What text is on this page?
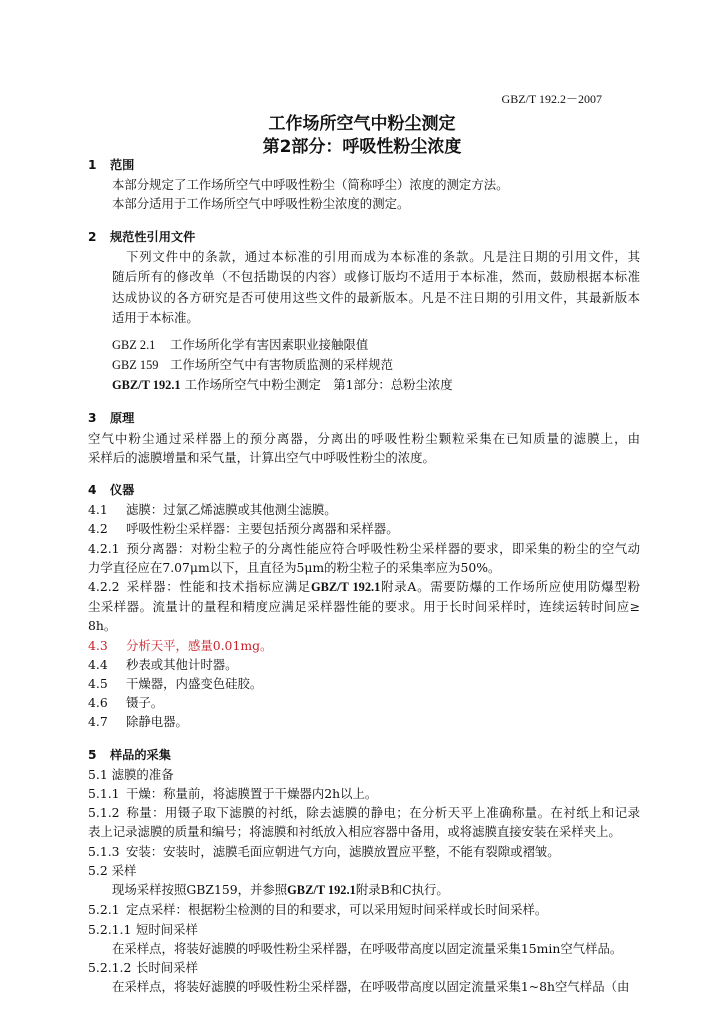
GBZ/T 192.2－2007
工作场所空气中粉尘测定
第2部分：呼吸性粉尘浓度
1 范围
本部分规定了工作场所空气中呼吸性粉尘（简称呼尘）浓度的测定方法。
本部分适用于工作场所空气中呼吸性粉尘浓度的测定。
2 规范性引用文件
下列文件中的条款，通过本标准的引用而成为本标准的条款。凡是注日期的引用文件，其
随后所有的修改单（不包括勘误的内容）或修订版均不适用于本标准，然而，鼓励根据本标准
达成协议的各方研究是否可使用这些文件的最新版本。凡是不注日期的引用文件，其最新版本
适用于本标准。
GBZ 2.1 工作场所化学有害因素职业接触限值
GBZ 159 工作场所空气中有害物质监测的采样规范
GBZ/T 192.1 工作场所空气中粉尘测定　第1部分：总粉尘浓度
3 原理
空气中粉尘通过采样器上的预分离器，分离出的呼吸性粉尘颗粒采集在已知质量的滤膜上，由
采样后的滤膜增量和采气量，计算出空气中呼吸性粉尘的浓度。
4 仪器
4.1 滤膜：过氯乙烯滤膜或其他测尘滤膜。
4.2 呼吸性粉尘采样器：主要包括预分离器和采样器。
4.2.1 预分离器：对粉尘粒子的分离性能应符合呼吸性粉尘采样器的要求，即采集的粉尘的空气动
力学直径应在7.07μm以下，且直径为5μm的粉尘粒子的采集率应为50%。
4.2.2 采样器：性能和技术指标应满足GBZ/T 192.1附录A。需要防爆的工作场所应使用防爆型粉
尘采样器。流量计的量程和精度应满足采样器性能的要求。用于长时间采样时，连续运转时间应≥
8h。
4.3 分析天平，感量0.01mg。
4.4 秒表或其他计时器。
4.5 干燥器，内盛变色硅胶。
4.6 镊子。
4.7 除静电器。
5 样品的采集
5.1 滤膜的准备
5.1.1 干燥：称量前，将滤膜置于干燥器内2h以上。
5.1.2 称量：用镊子取下滤膜的衬纸，除去滤膜的静电；在分析天平上准确称量。在衬纸上和记录
表上记录滤膜的质量和编号；将滤膜和衬纸放入相应容器中备用，或将滤膜直接安装在采样夹上。
5.1.3 安装：安装时，滤膜毛面应朝进气方向，滤膜放置应平整，不能有裂隙或褶皱。
5.2 采样
现场采样按照GBZ159，并参照GBZ/T 192.1附录B和C执行。
5.2.1 定点采样：根据粉尘检测的目的和要求，可以采用短时间采样或长时间采样。
5.2.1.1 短时间采样
在采样点，将装好滤膜的呼吸性粉尘采样器，在呼吸带高度以固定流量采集15min空气样品。
5.2.1.2 长时间采样
在采样点，将装好滤膜的呼吸性粉尘采样器，在呼吸带高度以固定流量采集1~8h空气样品（由
